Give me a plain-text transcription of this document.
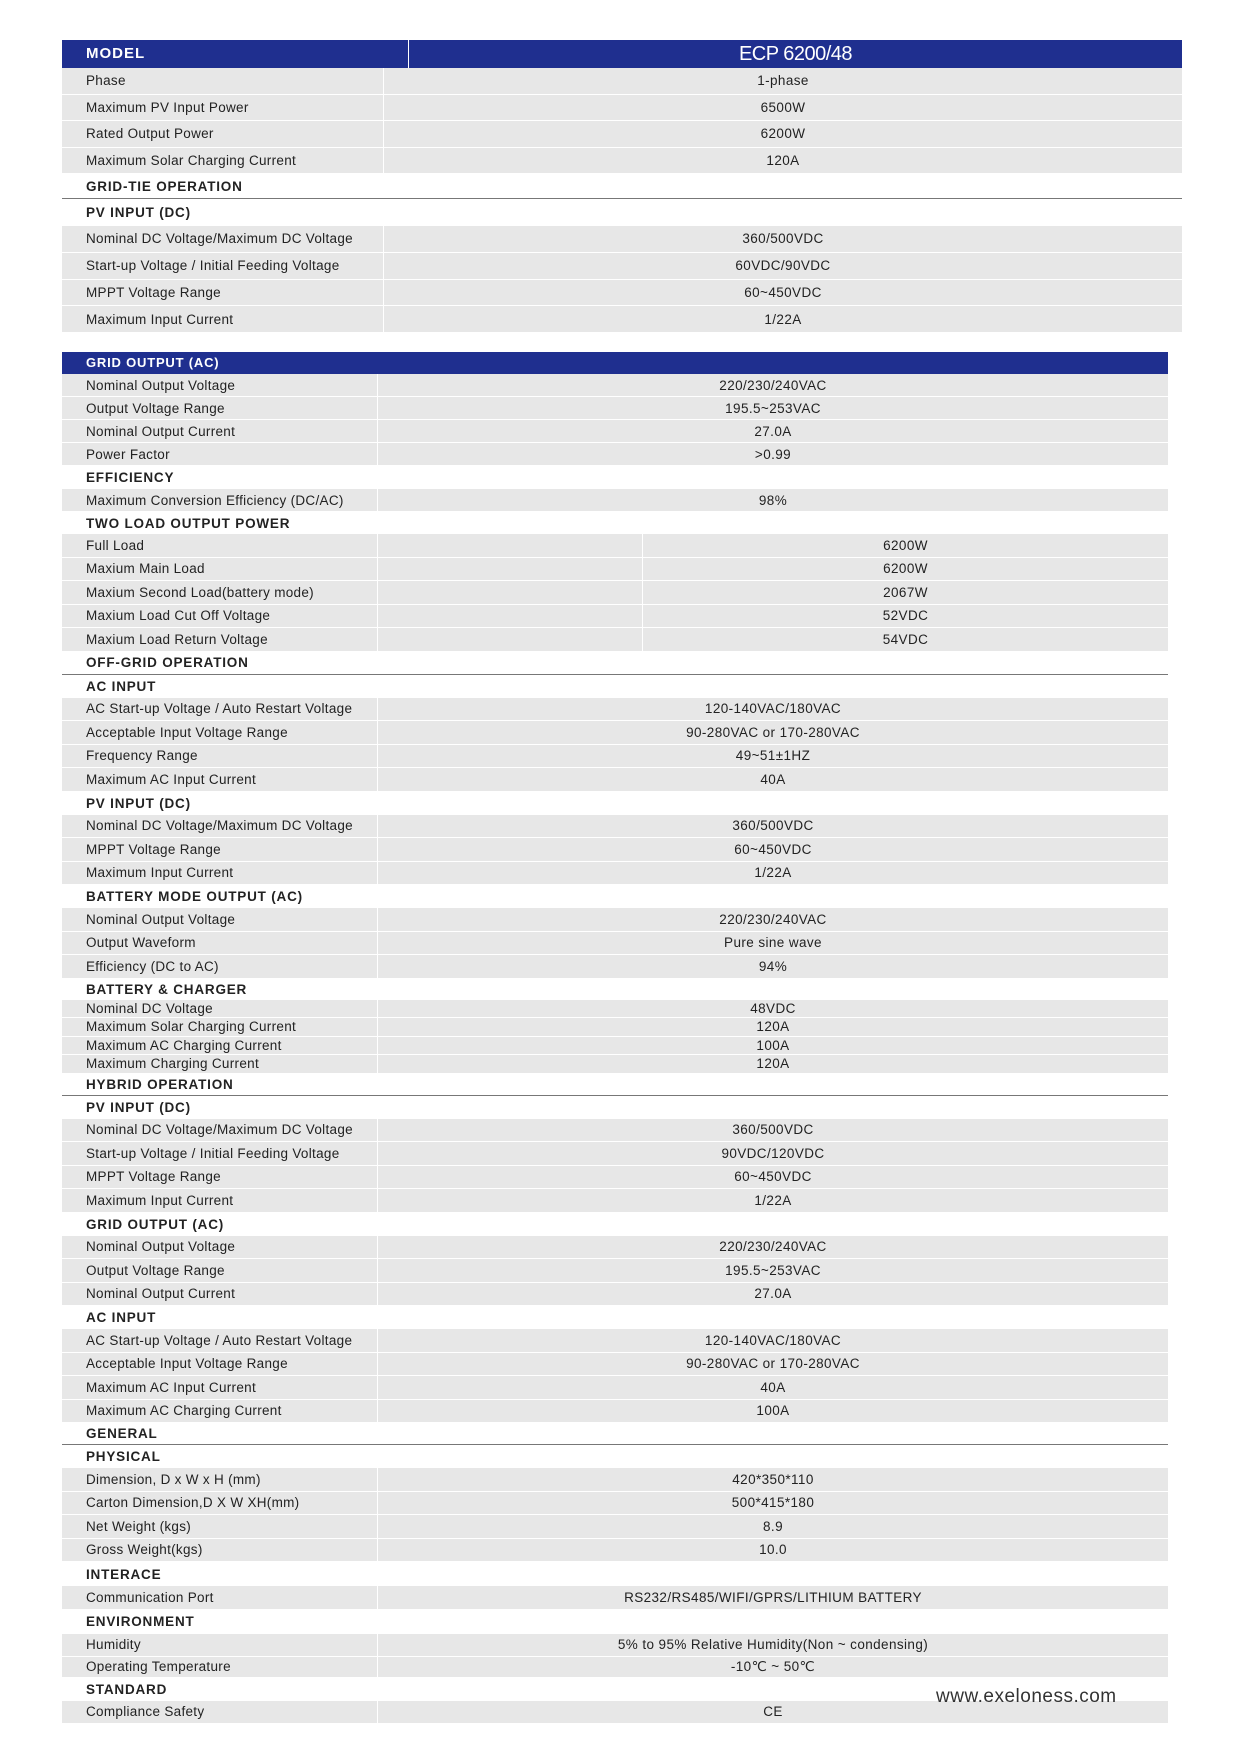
MODEL	ECP 6200/48
Phase	1-phase
Maximum PV Input Power	6500W
Rated Output Power	6200W
Maximum Solar Charging Current	120A
GRID-TIE OPERATION
PV INPUT (DC)
Nominal DC Voltage/Maximum DC Voltage	360/500VDC
Start-up Voltage / Initial Feeding Voltage	60VDC/90VDC
MPPT Voltage Range	60~450VDC
Maximum Input Current	1/22A
GRID OUTPUT (AC)
Nominal Output Voltage	220/230/240VAC
Output Voltage Range	195.5~253VAC
Nominal Output Current	27.0A
Power Factor	>0.99
EFFICIENCY
Maximum Conversion Efficiency (DC/AC)	98%
TWO LOAD OUTPUT POWER
Full Load	6200W
Maxium Main Load	6200W
Maxium Second Load(battery mode)	2067W
Maxium Load Cut Off Voltage	52VDC
Maxium Load Return Voltage	54VDC
OFF-GRID OPERATION
AC INPUT
AC Start-up Voltage / Auto Restart Voltage	120-140VAC/180VAC
Acceptable Input Voltage Range	90-280VAC or 170-280VAC
Frequency Range	49~51±1HZ
Maximum AC Input Current	40A
PV INPUT (DC)
Nominal DC Voltage/Maximum DC Voltage	360/500VDC
MPPT Voltage Range	60~450VDC
Maximum Input Current	1/22A
BATTERY MODE OUTPUT (AC)
Nominal Output Voltage	220/230/240VAC
Output Waveform	Pure sine wave
Efficiency (DC to AC)	94%
BATTERY & CHARGER
Nominal DC Voltage	48VDC
Maximum Solar Charging Current	120A
Maximum AC Charging Current	100A
Maximum Charging Current	120A
HYBRID OPERATION
PV INPUT (DC)
Nominal DC Voltage/Maximum DC Voltage	360/500VDC
Start-up Voltage / Initial Feeding Voltage	90VDC/120VDC
MPPT Voltage Range	60~450VDC
Maximum Input Current	1/22A
GRID OUTPUT (AC)
Nominal Output Voltage	220/230/240VAC
Output Voltage Range	195.5~253VAC
Nominal Output Current	27.0A
AC INPUT
AC Start-up Voltage / Auto Restart Voltage	120-140VAC/180VAC
Acceptable Input Voltage Range	90-280VAC or 170-280VAC
Maximum AC Input Current	40A
Maximum AC Charging Current	100A
GENERAL
PHYSICAL
Dimension, D x W x H (mm)	420*350*110
Carton Dimension,D X W XH(mm)	500*415*180
Net Weight (kgs)	8.9
Gross Weight(kgs)	10.0
INTERACE
Communication Port	RS232/RS485/WIFI/GPRS/LITHIUM BATTERY
ENVIRONMENT
Humidity	5% to 95% Relative Humidity(Non ~ condensing)
Operating Temperature	-10℃ ~ 50℃
STANDARD
Compliance Safety	CE
www.exeloness.com
